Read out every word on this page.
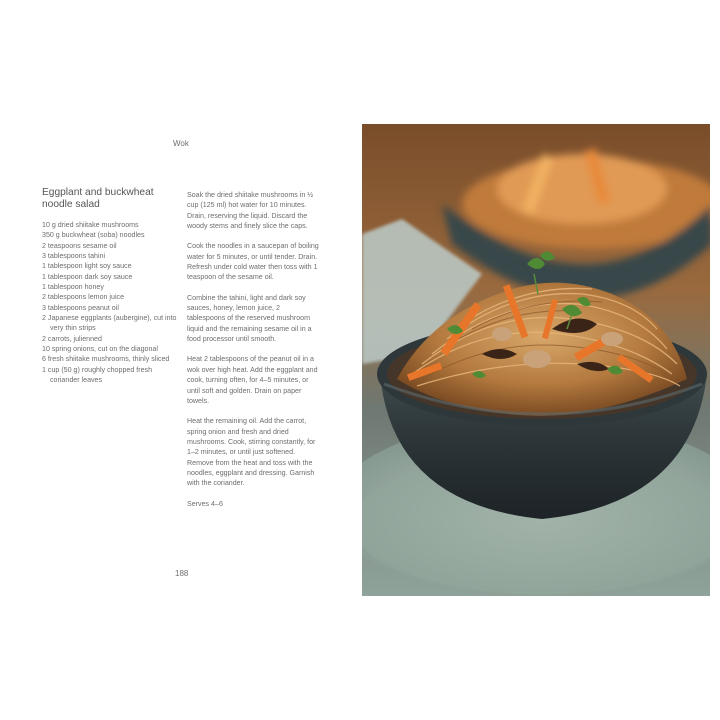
Wok
Eggplant and buckwheat noodle salad
10 g dried shiitake mushrooms
350 g buckwheat (soba) noodles
2 teaspoons sesame oil
3 tablespoons tahini
1 tablespoon light soy sauce
1 tablespoon dark soy sauce
1 tablespoon honey
2 tablespoons lemon juice
3 tablespoons peanut oil
2 Japanese eggplants (aubergine), cut into very thin strips
2 carrots, julienned
10 spring onions, cut on the diagonal
6 fresh shiitake mushrooms, thinly sliced
1 cup (50 g) roughly chopped fresh coriander leaves

Soak the dried shiitake mushrooms in ½ cup (125 ml) hot water for 10 minutes. Drain, reserving the liquid. Discard the woody stems and finely slice the caps.

Cook the noodles in a saucepan of boiling water for 5 minutes, or until tender. Drain. Refresh under cold water then toss with 1 teaspoon of the sesame oil.

Combine the tahini, light and dark soy sauces, honey, lemon juice, 2 tablespoons of the reserved mushroom liquid and the remaining sesame oil in a food processor until smooth.

Heat 2 tablespoons of the peanut oil in a wok over high heat. Add the eggplant and cook, turning often, for 4–5 minutes, or until soft and golden. Drain on paper towels.

Heat the remaining oil. Add the carrot, spring onion and fresh and dried mushrooms. Cook, stirring constantly, for 1–2 minutes, or until just softened. Remove from the heat and toss with the noodles, eggplant and dressing. Garnish with the coriander.

Serves 4–6

188
